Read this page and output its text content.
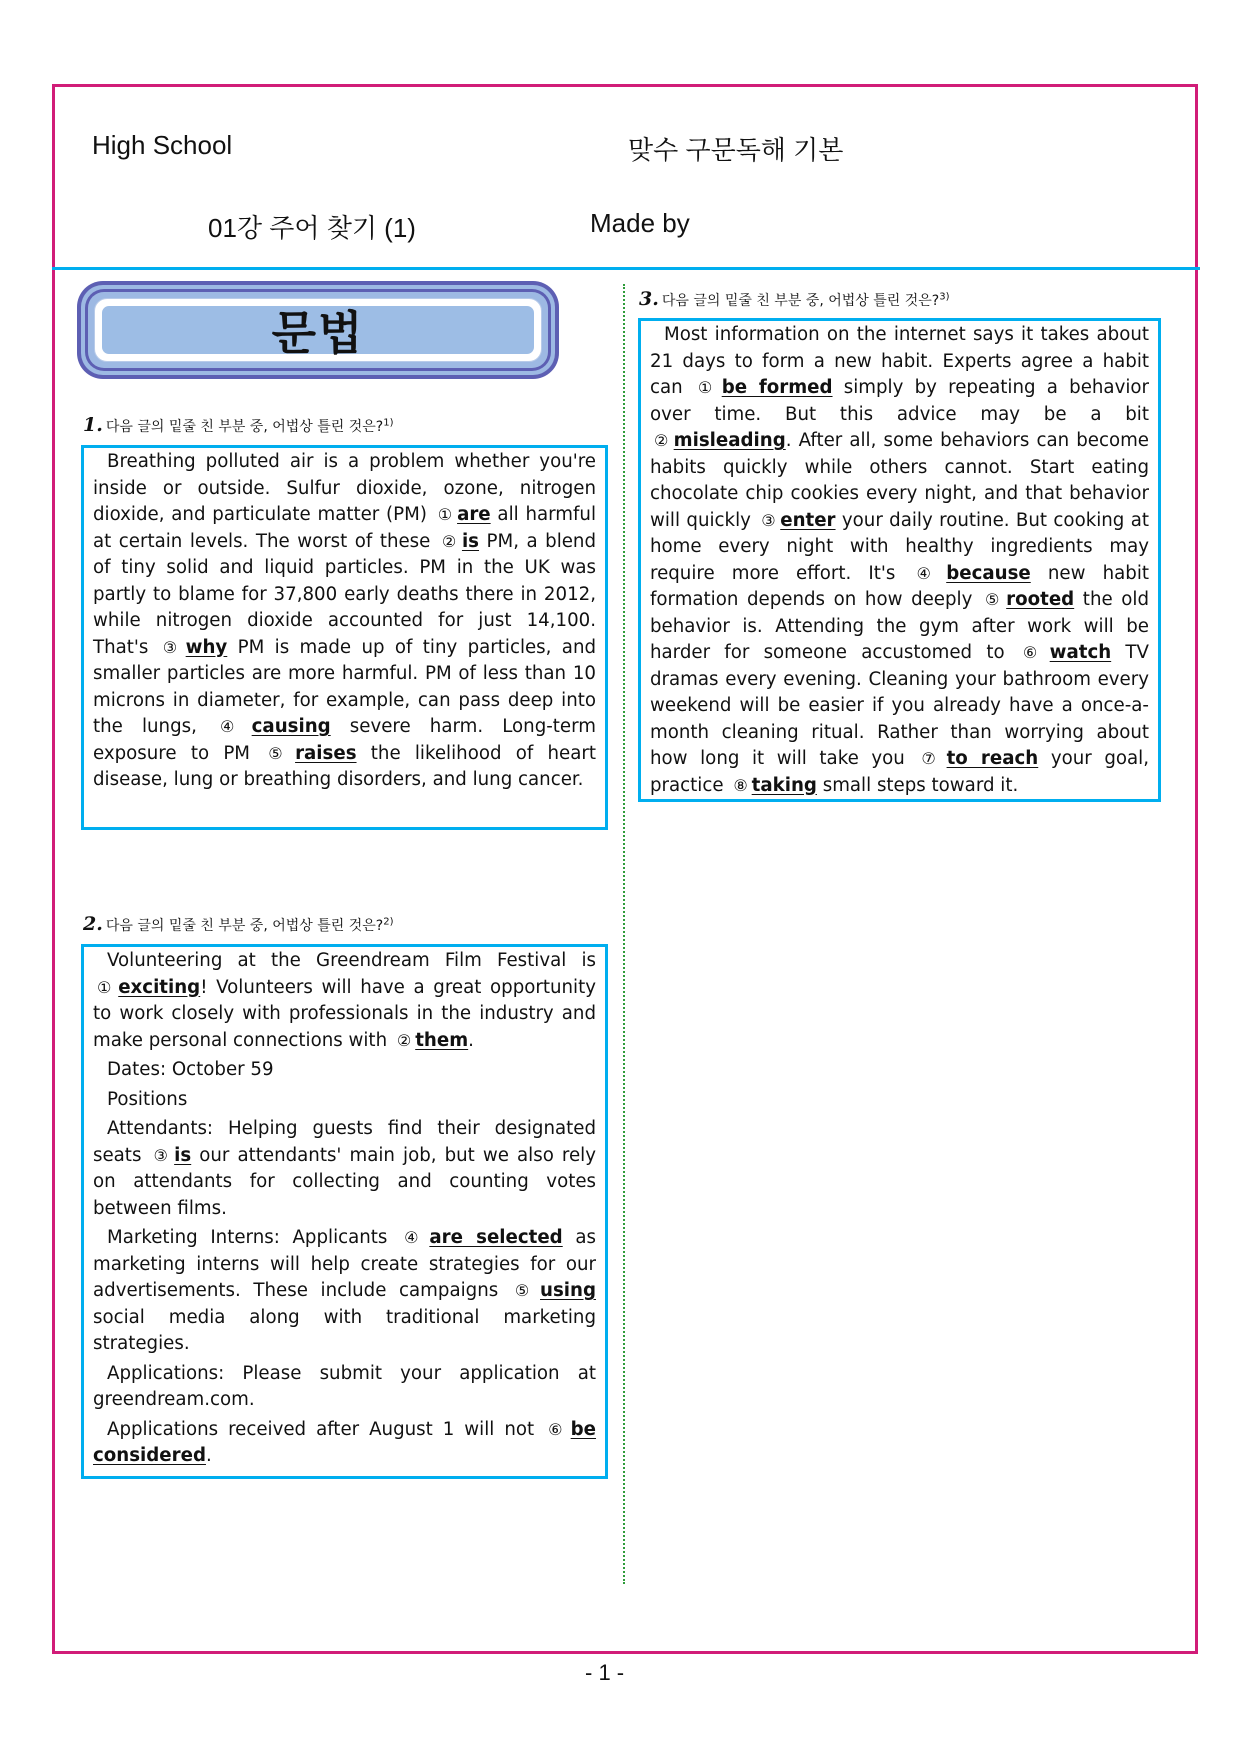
High School	맞수 구문독해 기본
01강 주어 찾기 (1)	Made by
문법
1. 다음 글의 밑줄 친 부분 중, 어법상 틀린 것은?$^{1)}$

Breathing polluted air is a problem whether you're inside or outside. Sulfur dioxide, ozone, nitrogen dioxide, and particulate matter (PM) ① are all harmful at certain levels. The worst of these ② is PM, a blend of tiny solid and liquid particles. PM in the UK was partly to blame for 37,800 early deaths there in 2012, while nitrogen dioxide accounted for just 14,100. That's ③ why PM is made up of tiny particles, and smaller particles are more harmful. PM of less than 10 microns in diameter, for example, can pass deep into the lungs, ④ causing severe harm. Long-term exposure to PM ⑤ raises the likelihood of heart disease, lung or breathing disorders, and lung cancer.

2. 다음 글의 밑줄 친 부분 중, 어법상 틀린 것은?$^{2)}$

Volunteering at the Greendream Film Festival is ① exciting! Volunteers will have a great opportunity to work closely with professionals in the industry and make personal connections with ② them.

Dates: October 59

Positions

Attendants: Helping guests find their designated seats ③ is our attendants' main job, but we also rely on attendants for collecting and counting votes between films.

Marketing Interns: Applicants ④ are selected as marketing interns will help create strategies for our advertisements. These include campaigns ⑤ using social media along with traditional marketing strategies.

Applications: Please submit your application at greendream.com.

Applications received after August 1 will not ⑥ be considered.

3. 다음 글의 밑줄 친 부분 중, 어법상 틀린 것은?$^{3)}$

Most information on the internet says it takes about 21 days to form a new habit. Experts agree a habit can ① be formed simply by repeating a behavior over time. But this advice may be a bit ② misleading. After all, some behaviors can become habits quickly while others cannot. Start eating chocolate chip cookies every night, and that behavior will quickly ③ enter your daily routine. But cooking at home every night with healthy ingredients may require more effort. It's ④ because new habit formation depends on how deeply ⑤ rooted the old behavior is. Attending the gym after work will be harder for someone accustomed to ⑥ watch TV dramas every evening. Cleaning your bathroom every weekend will be easier if you already have a once-a-month cleaning ritual. Rather than worrying about how long it will take you ⑦ to reach your goal, practice ⑧ taking small steps toward it.

- 1 -
